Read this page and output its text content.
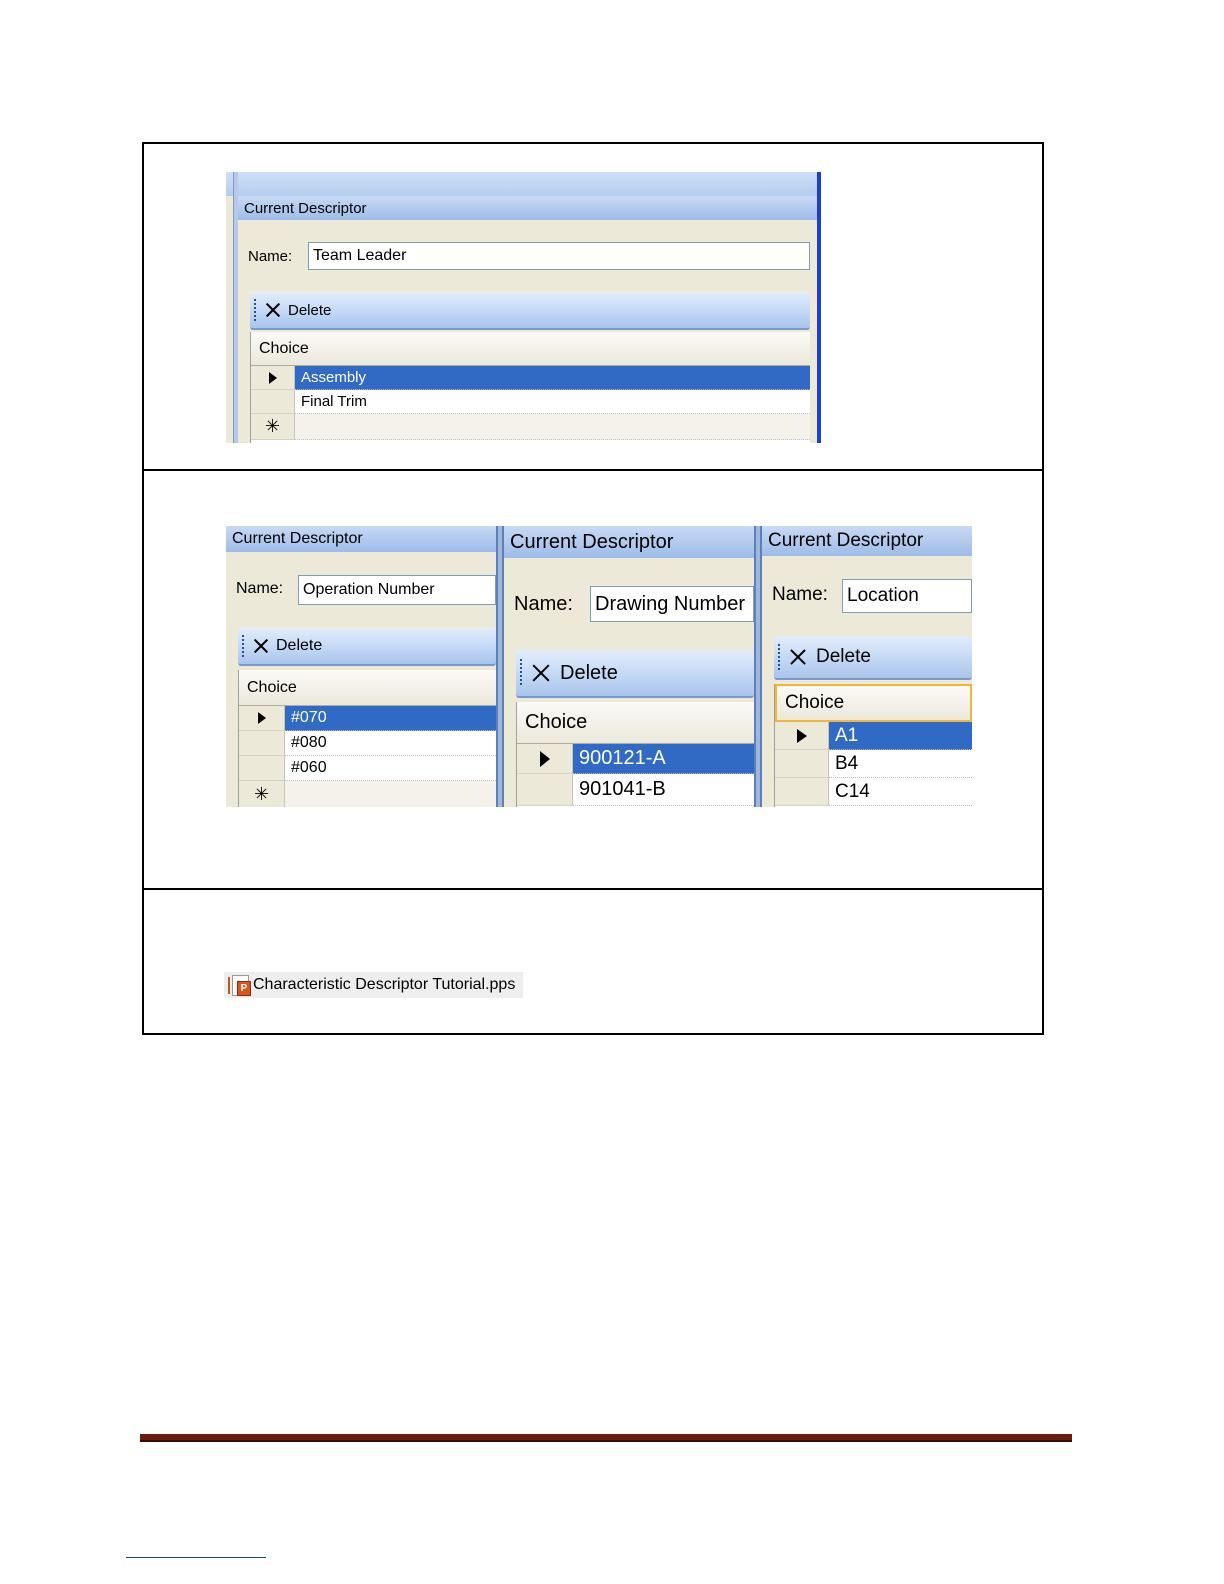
Current Descriptor
Name:	Team Leader
Delete
Choice
Assembly
Final Trim
✳
Current Descriptor
Name:	Operation Number
Delete
Choice
#070
#080
#060
✳
Current Descriptor
Name: Drawing Number
Delete
Choice
900121-A
901041-B
Current Descriptor
Name: Location
Delete
Choice
A1
B4
C14
P Characteristic Descriptor Tutorial.pps
